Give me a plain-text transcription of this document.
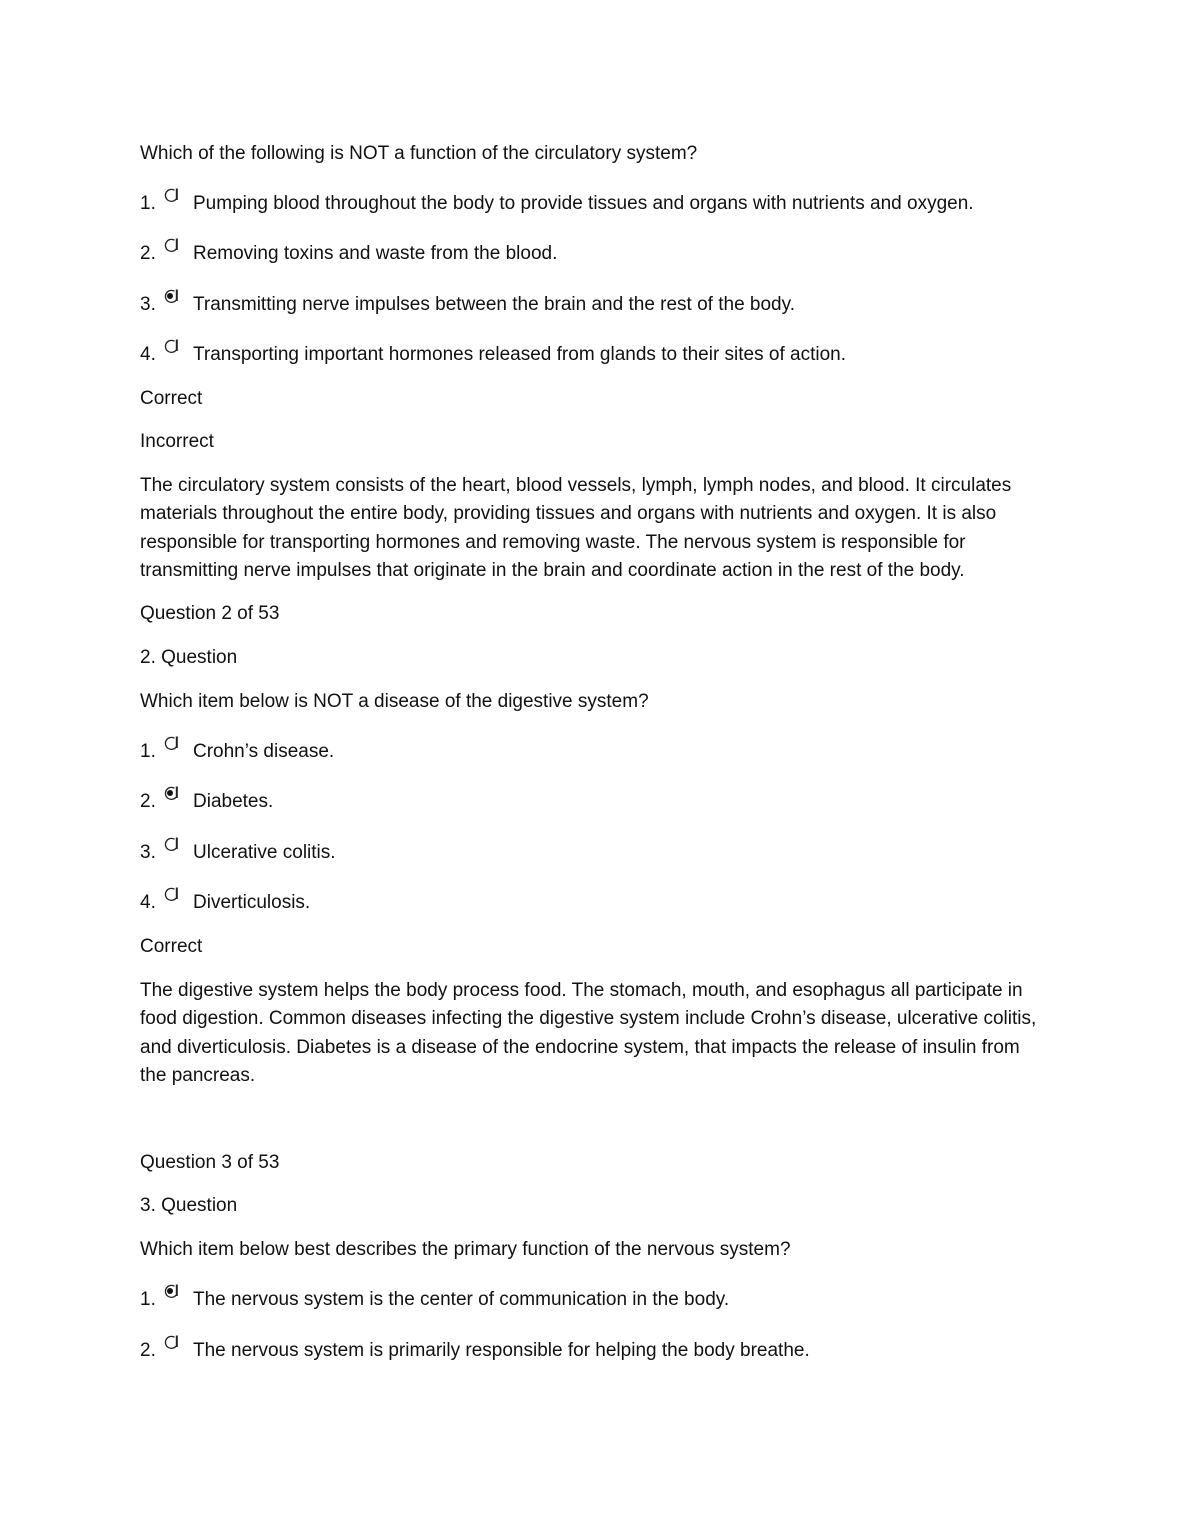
Which of the following is NOT a function of the circulatory system?

1. Pumping blood throughout the body to provide tissues and organs with nutrients and oxygen.
2. Removing toxins and waste from the blood.
3. Transmitting nerve impulses between the brain and the rest of the body.
4. Transporting important hormones released from glands to their sites of action.

Correct

Incorrect

The circulatory system consists of the heart, blood vessels, lymph, lymph nodes, and blood. It circulates materials throughout the entire body, providing tissues and organs with nutrients and oxygen. It is also responsible for transporting hormones and removing waste. The nervous system is responsible for transmitting nerve impulses that originate in the brain and coordinate action in the rest of the body.

Question 2 of 53

2. Question

Which item below is NOT a disease of the digestive system?

1. Crohn’s disease.
2. Diabetes.
3. Ulcerative colitis.
4. Diverticulosis.

Correct

The digestive system helps the body process food. The stomach, mouth, and esophagus all participate in food digestion. Common diseases infecting the digestive system include Crohn’s disease, ulcerative colitis, and diverticulosis. Diabetes is a disease of the endocrine system, that impacts the release of insulin from the pancreas.

Question 3 of 53

3. Question

Which item below best describes the primary function of the nervous system?

1. The nervous system is the center of communication in the body.
2. The nervous system is primarily responsible for helping the body breathe.
